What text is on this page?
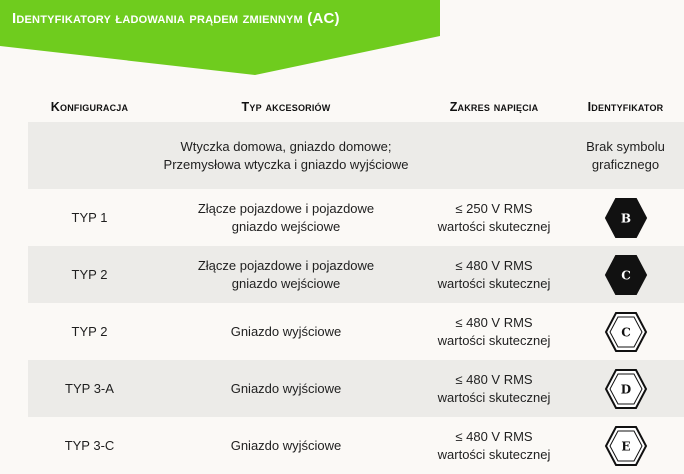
Identyfikatory ładowania prądem zmiennym (AC)
Konfiguracja	Typ akcesoriów	Zakres napięcia	Identyfikator
	Wtyczka domowa, gniazdo domowe; Przemysłowa wtyczka i gniazdo wyjściowe		Brak symbolu graficznego
TYP 1	Złącze pojazdowe i pojazdowe gniazdo wejściowe	≤ 250 V RMS wartości skutecznej	B

TYP 2	Złącze pojazdowe i pojazdowe gniazdo wejściowe	≤ 480 V RMS wartości skutecznej	C

TYP 2	Gniazdo wyjściowe	≤ 480 V RMS wartości skutecznej	C

TYP 3-A	Gniazdo wyjściowe	≤ 480 V RMS wartości skutecznej	D

TYP 3-C	Gniazdo wyjściowe	≤ 480 V RMS wartości skutecznej	E
